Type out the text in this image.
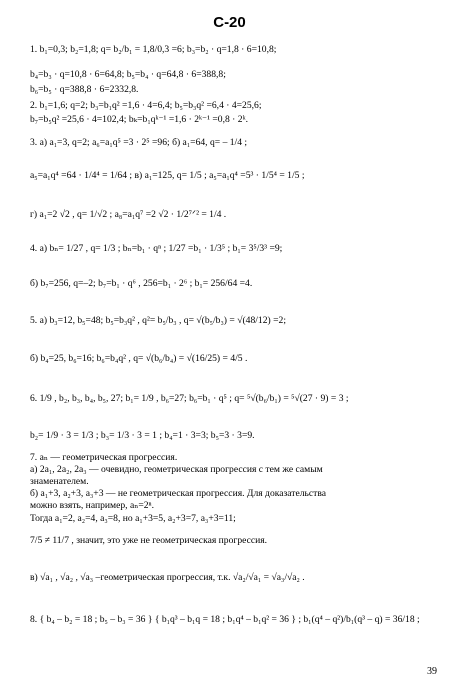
С-20
1. b₁=0,3; b₂=1,8; q= b₂/b₁ = 1,8/0,3 =6; b₃=b₂ · q=1,8 · 6=10,8;
b₄=b₃ · q=10,8 · 6=64,8; b₅=b₄ · q=64,8 · 6=388,8;
b₆=b₅ · q=388,8 · 6=2332,8.
2. b₁=1,6; q=2; b₃=b₁q² =1,6 · 4=6,4; b₅=b₃q² =6,4 · 4=25,6;
b₇=b₅q² =25,6 · 4=102,4; bₖ=b₁qᵏ⁻¹ =1,6 · 2ᵏ⁻¹ =0,8 · 2ᵏ.
3. а) a₁=3, q=2; a₆=a₁q⁵ =3 · 2⁵ =96; б) a₁=64, q= – 1/4 ;
a₅=a₁q⁴ =64 · 1/4⁴ = 1/64 ; в) a₁=125, q= 1/5 ; a₅=a₁q⁴ =5³ · 1/5⁴ = 1/5 ;
г) a₁=2 √2 , q= 1/√2 ; a₈=a₁q⁷ =2 √2 · 1/2⁷ᐟ² = 1/4 .
4. а) bₙ= 1/27 , q= 1/3 ; bₙ=b₁ · qⁿ ; 1/27 =b₁ · 1/3⁵ ; b₁= 3⁵/3³ =9;
б) b₇=256, q=–2; b₇=b₁ · q⁶ , 256=b₁ · 2⁶ ; b₁= 256/64 =4.
5. а) b₃=12, b₅=48; b₅=b₃q² , q²= b₅/b₃ , q= √(b₅/b₃) = √(48/12) =2;
б) b₄=25, b₆=16; b₆=b₄q² , q= √(b₆/b₄) = √(16/25) = 4/5 .
6. 1/9 , b₂, b₃, b₄, b₅, 27; b₁= 1/9 , b₆=27; b₆=b₁ · q⁵ ; q= ⁵√(b₆/b₁) = ⁵√(27 · 9) = 3 ;
b₂= 1/9 · 3 = 1/3 ; b₃= 1/3 · 3 = 1 ; b₄=1 · 3=3; b₅=3 · 3=9.
7. aₙ — геометрическая прогрессия.
а) 2a₁, 2a₂, 2a₃ — очевидно, геометрическая прогрессия с тем же самым
знаменателем.
б) a₁+3, a₂+3, a₃+3 — не геометрическая прогрессия. Для доказательства
можно взять, например, aₙ=2ⁿ.
Тогда a₁=2, a₂=4, a₃=8, но a₁+3=5, a₂+3=7, a₃+3=11;
7/5 ≠ 11/7 , значит, это уже не геометрическая прогрессия.
в) √a₁ , √a₂ , √a₃ –геометрическая прогрессия, т.к. √a₂/√a₁ = √a₃/√a₂ .
8. { b₄ – b₂ = 18 ; b₅ – b₃ = 36 } { b₁q³ – b₁q = 18 ; b₁q⁴ – b₁q² = 36 } ; b₁(q⁴ – q²)/b₁(q³ – q) = 36/18 ;
39
